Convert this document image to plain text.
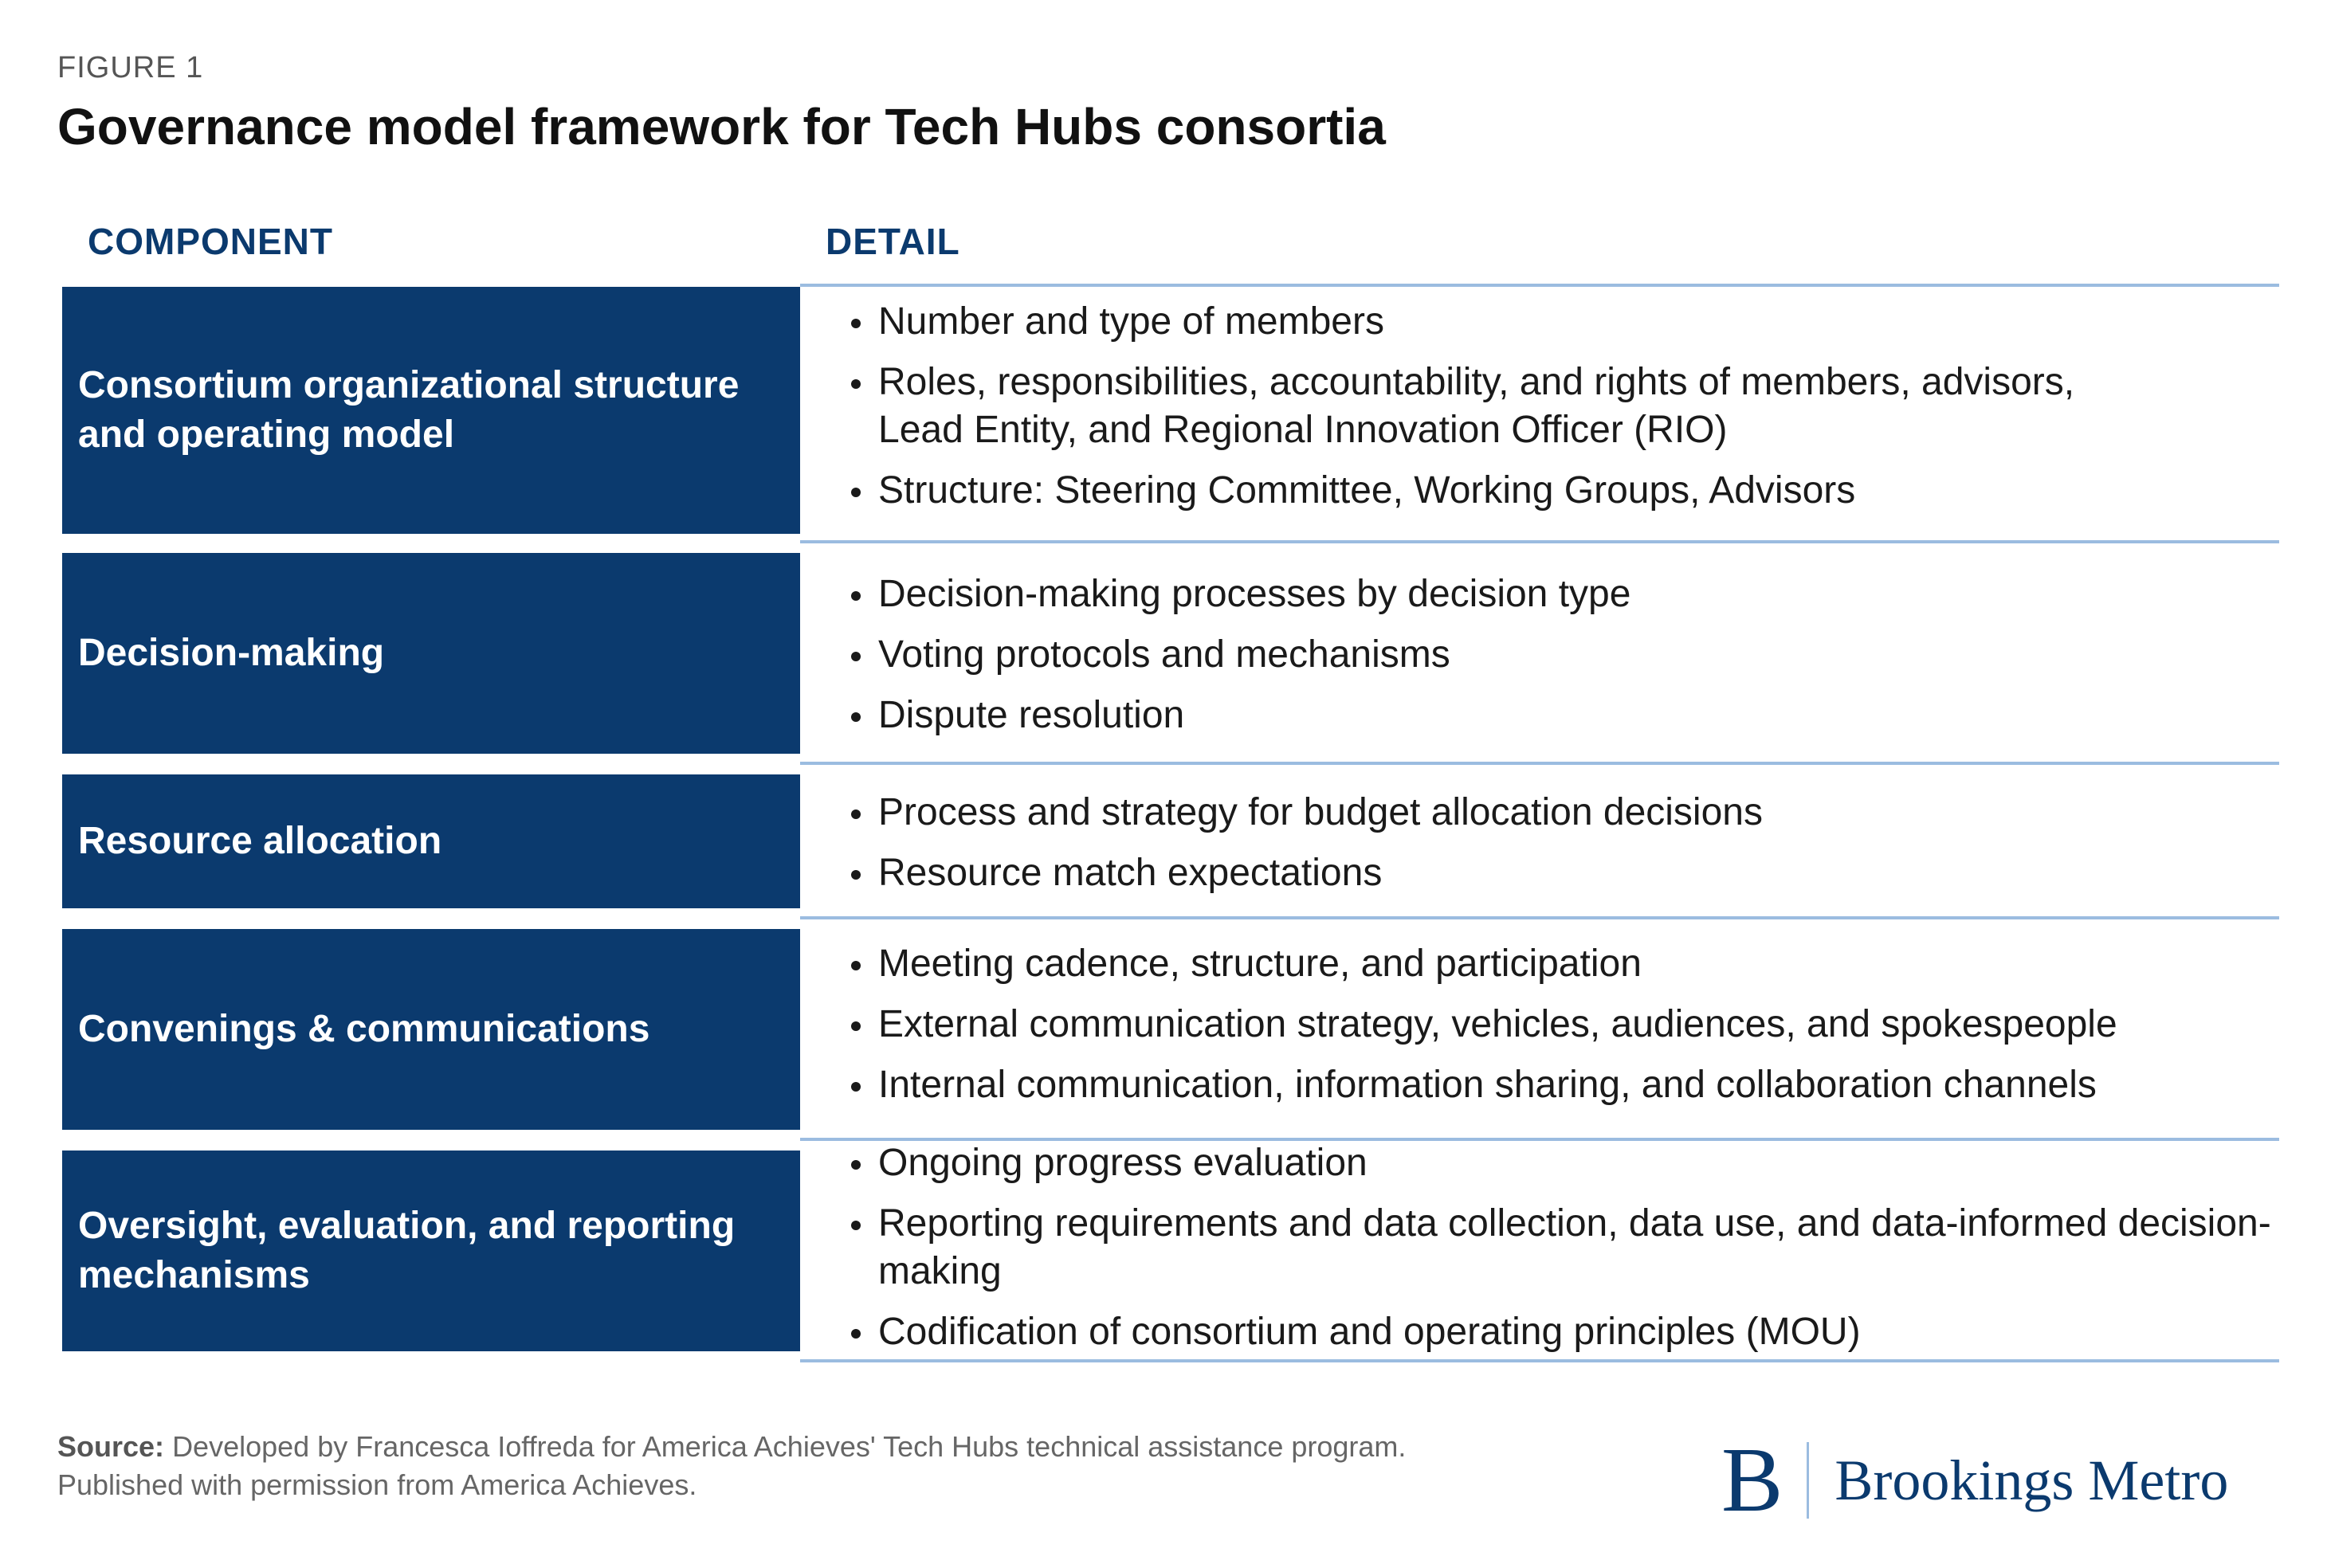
FIGURE 1
Governance model framework for Tech Hubs consortia
COMPONENT	DETAIL
Consortium organizational structure and operating model
Number and type of members
Roles, responsibilities, accountability, and rights of members, advisors, Lead Entity, and Regional Innovation Officer (RIO)
Structure: Steering Committee, Working Groups, Advisors
Decision-making
Decision-making processes by decision type
Voting protocols and mechanisms
Dispute resolution
Resource allocation
Process and strategy for budget allocation decisions
Resource match expectations
Convenings & communications
Meeting cadence, structure, and participation
External communication strategy, vehicles, audiences, and spokespeople
Internal communication, information sharing, and collaboration channels
Oversight, evaluation, and reporting mechanisms
Ongoing progress evaluation
Reporting requirements and data collection, data use, and data-informed decision-making
Codification of consortium and operating principles (MOU)
Source: Developed by Francesca Ioffreda for America Achieves' Tech Hubs technical assistance program.
Published with permission from America Achieves.	B Brookings Metro
